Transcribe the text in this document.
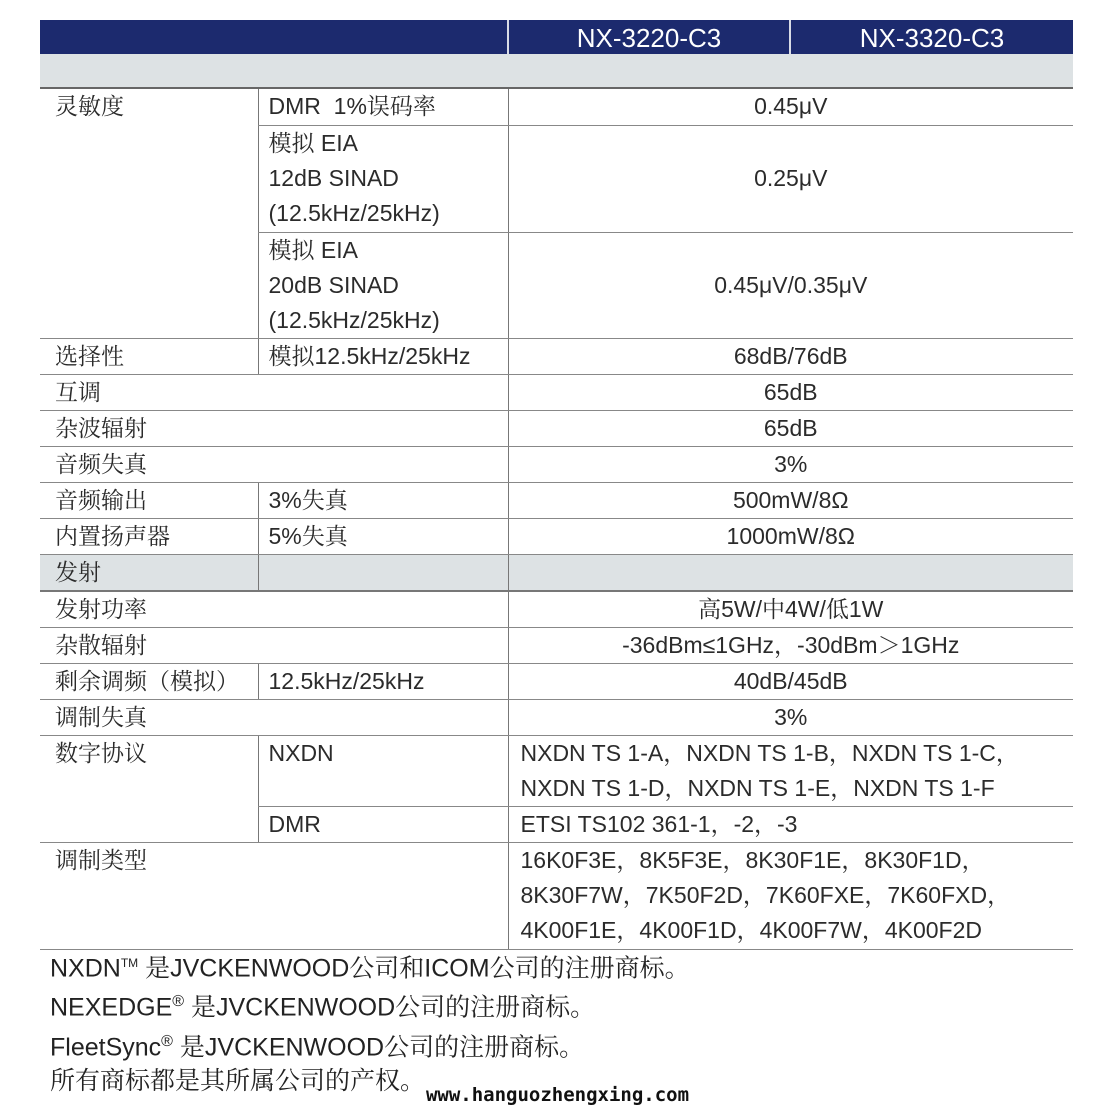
NX-3220-C3	NX-3320-C3
灵敏度	DMR  1%误码率	0.45μV

	模拟 EIA
12dB SINAD
(12.5kHz/25kHz)	0.25μV

	模拟 EIA
20dB SINAD
(12.5kHz/25kHz)	0.45μV/0.35μV
选择性	模拟12.5kHz/25kHz	68dB/76dB
互调		65dB
杂波辐射		65dB
音频失真		3%
音频输出	3%失真	500mW/8Ω
内置扬声器	5%失真	1000mW/8Ω
发射		
发射功率		高5W/中4W/低1W
杂散辐射		-36dBm≤1GHz，-30dBm＞1GHz
剩余调频（模拟）	12.5kHz/25kHz	40dB/45dB
调制失真		3%
数字协议	NXDN	NXDN TS 1-A，NXDN TS 1-B，NXDN TS 1-C，
NXDN TS 1-D，NXDN TS 1-E，NXDN TS 1-F

	DMR	ETSI TS102 361-1，-2，-3
调制类型		16K0F3E，8K5F3E，8K30F1E，8K30F1D，
8K30F7W，7K50F2D，7K60FXE，7K60FXD，
4K00F1E，4K00F1D，4K00F7W，4K00F2D
NXDN™ 是JVCKENWOOD公司和ICOM公司的注册商标。
NEXEDGE® 是JVCKENWOOD公司的注册商标。
FleetSync® 是JVCKENWOOD公司的注册商标。
所有商标都是其所属公司的产权。
www.hanguozhengxing.com
